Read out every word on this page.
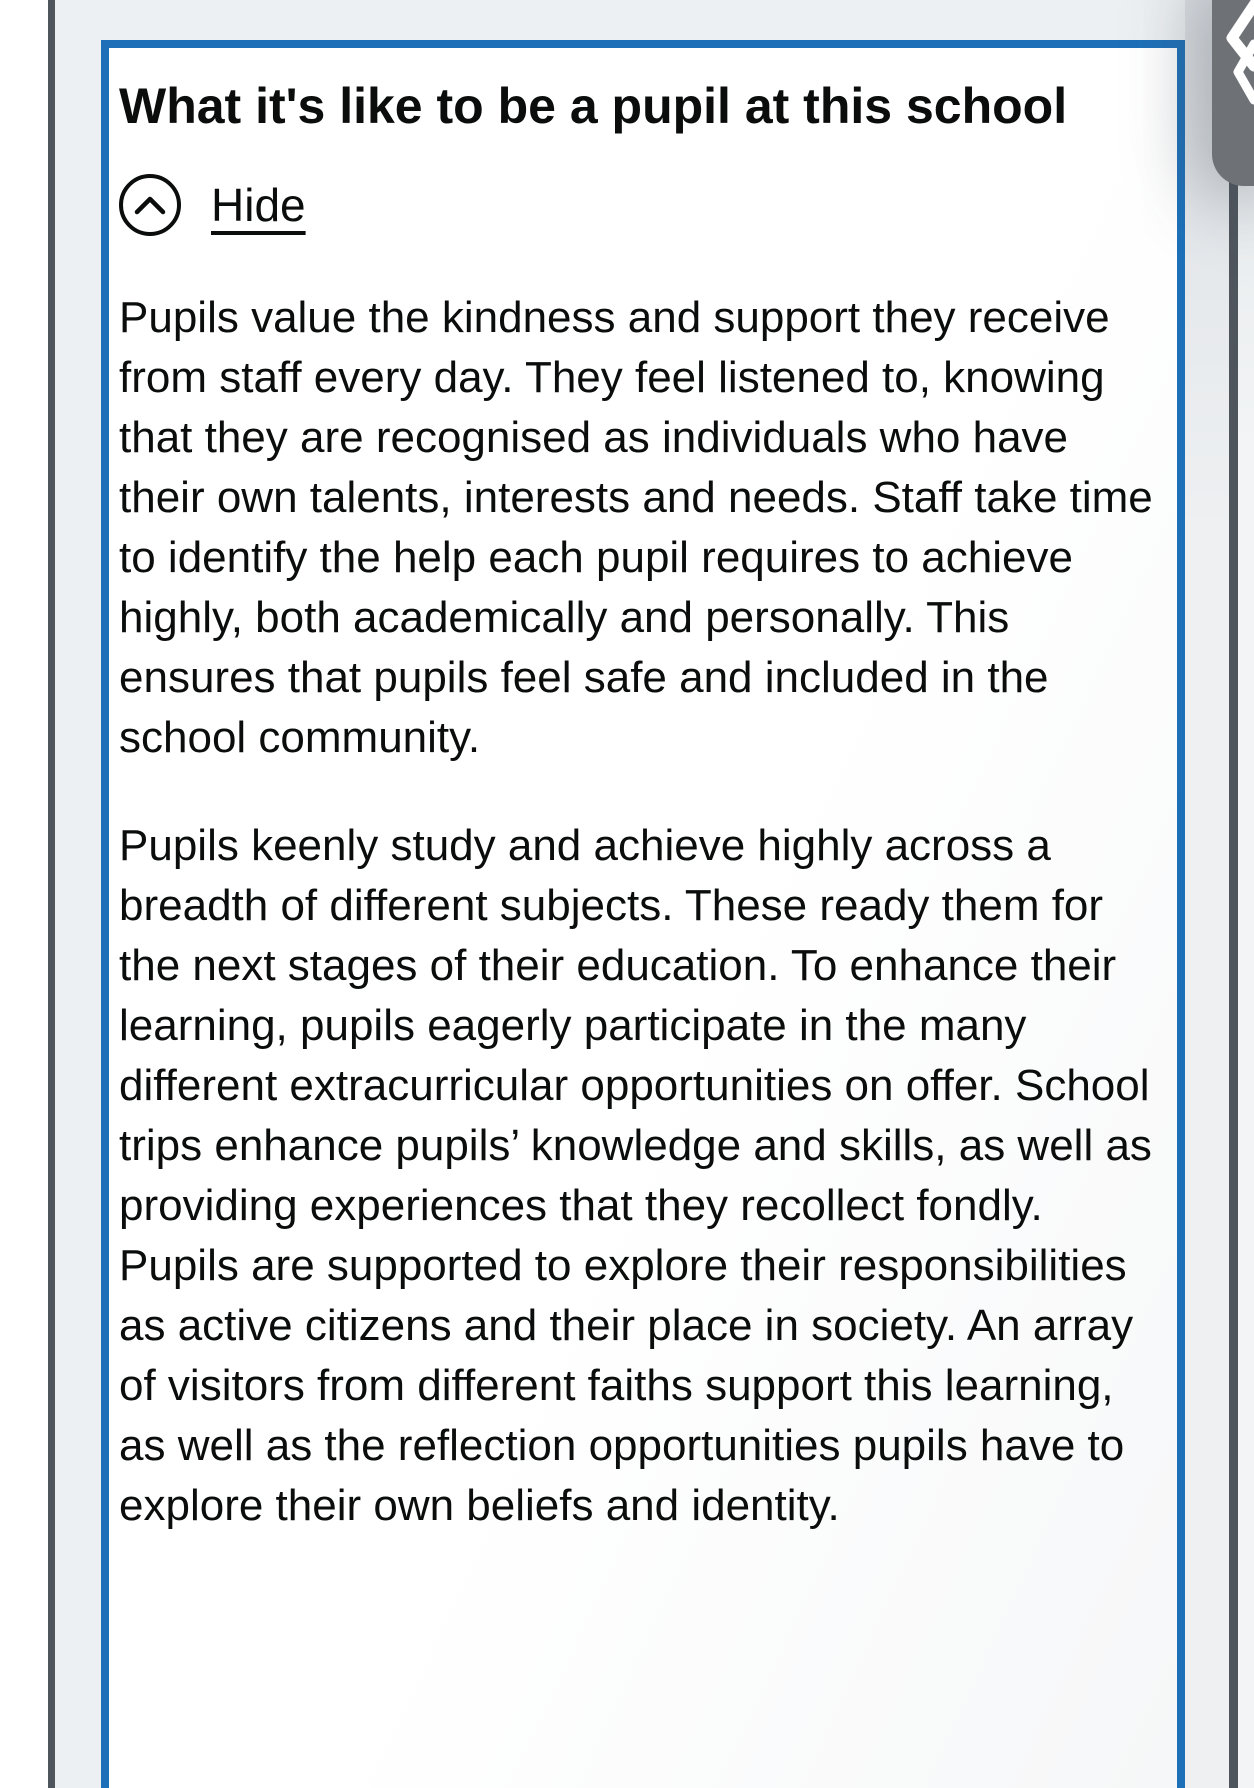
What it's like to be a pupil at this school
Hide

Pupils value the kindness and support they receive from staff every day. They feel listened to, knowing that they are recognised as individuals who have their own talents, interests and needs. Staff take time to identify the help each pupil requires to achieve highly, both academically and personally. This ensures that pupils feel safe and included in the school community.

Pupils keenly study and achieve highly across a breadth of different subjects. These ready them for the next stages of their education. To enhance their learning, pupils eagerly participate in the many different extracurricular opportunities on offer. School trips enhance pupils’ knowledge and skills, as well as providing experiences that they recollect fondly. Pupils are supported to explore their responsibilities as active citizens and their place in society. An array of visitors from different faiths support this learning, as well as the reflection opportunities pupils have to explore their own beliefs and identity.
